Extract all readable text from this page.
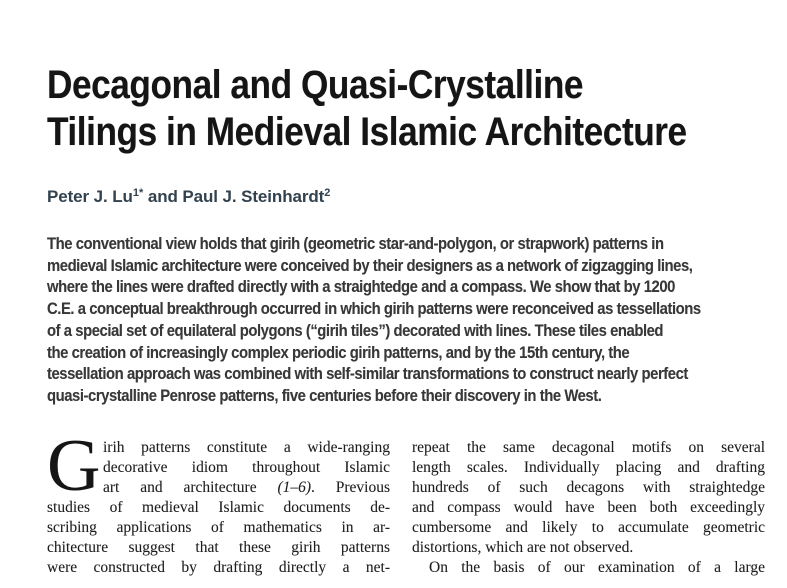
Decagonal and Quasi-Crystalline
Tilings in Medieval Islamic Architecture
Peter J. $Lu^{1*}$ and Paul J. Steinhardt$^2$
The conventional view holds that girih (geometric star-and-polygon, or strapwork) patterns in
medieval Islamic architecture were conceived by their designers as a network of zigzagging lines,
where the lines were drafted directly with a straightedge and a compass. We show that by 1200
C.E. a conceptual breakthrough occurred in which girih patterns were reconceived as tessellations
of a special set of equilateral polygons (“girih tiles”) decorated with lines. These tiles enabled
the creation of increasingly complex periodic girih patterns, and by the 15th century, the
tessellation approach was combined with self-similar transformations to construct nearly perfect
quasi-crystalline Penrose patterns, five centuries before their discovery in the West.
G irih patterns constitute a wide-ranging
decorative idiom throughout Islamic
art and architecture (1–6). Previous
studies of medieval Islamic documents de-
scribing applications of mathematics in ar-
chitecture suggest that these girih patterns
were constructed by drafting directly a net-
repeat the same decagonal motifs on several
length scales. Individually placing and drafting
hundreds of such decagons with straightedge
and compass would have been both exceedingly
cumbersome and likely to accumulate geometric
distortions, which are not observed.
On the basis of our examination of a large
